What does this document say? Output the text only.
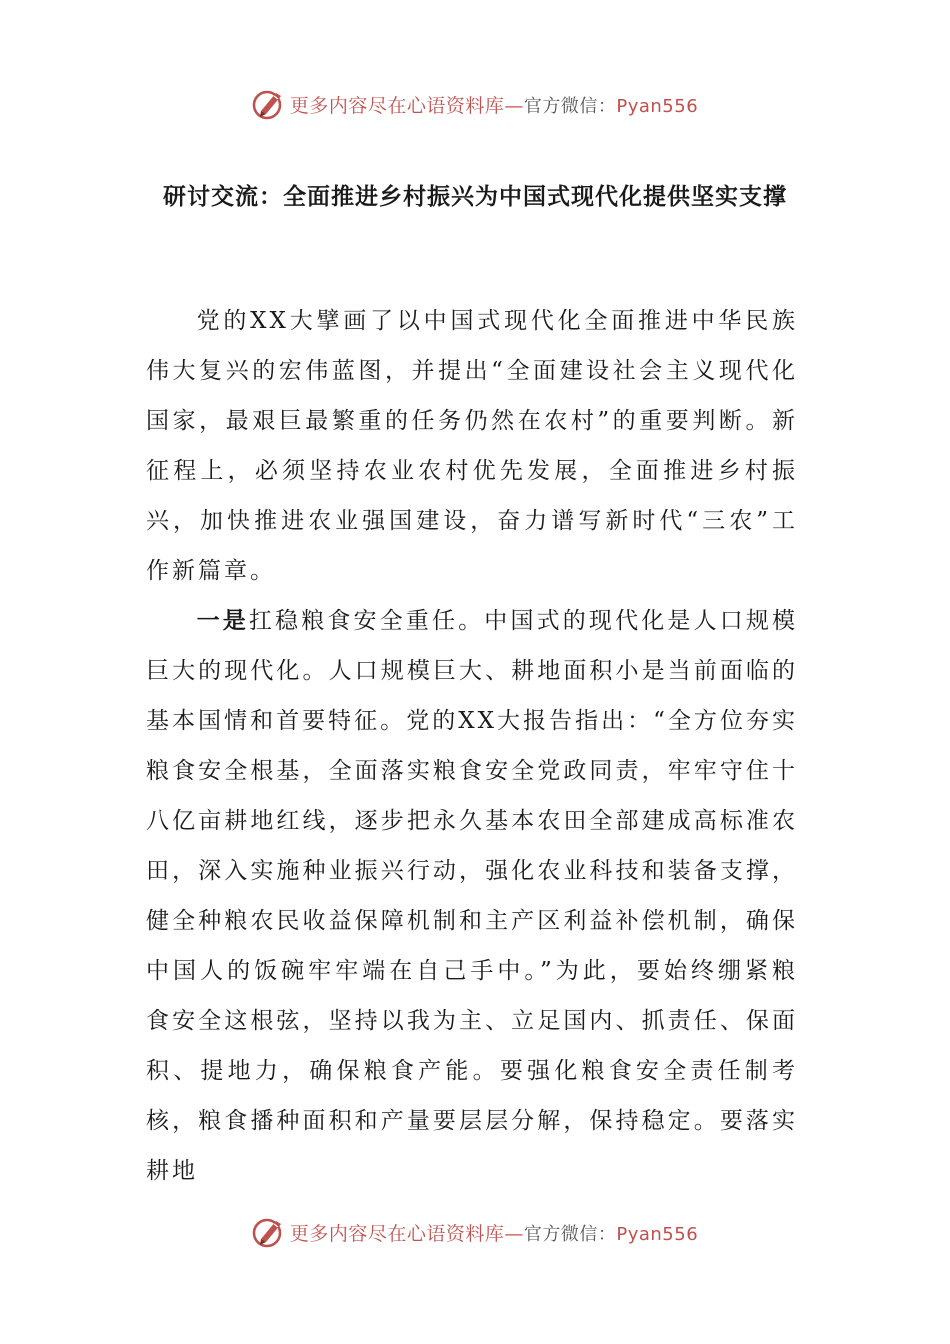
更多内容尽在心语资料库—官方微信：Pyan556
研讨交流：全面推进乡村振兴为中国式现代化提供坚实支撑

党的XX大擘画了以中国式现代化全面推进中华民族伟大复兴的宏伟蓝图，并提出“全面建设社会主义现代化国家，最艰巨最繁重的任务仍然在农村”的重要判断。新征程上，必须坚持农业农村优先发展，全面推进乡村振兴，加快推进农业强国建设，奋力谱写新时代“三农”工作新篇章。

一是扛稳粮食安全重任。中国式的现代化是人口规模巨大的现代化。人口规模巨大、耕地面积小是当前面临的基本国情和首要特征。党的XX大报告指出：“全方位夯实粮食安全根基，全面落实粮食安全党政同责，牢牢守住十八亿亩耕地红线，逐步把永久基本农田全部建成高标准农田，深入实施种业振兴行动，强化农业科技和装备支撑，健全种粮农民收益保障机制和主产区利益补偿机制，确保中国人的饭碗牢牢端在自己手中。”为此，要始终绷紧粮食安全这根弦，坚持以我为主、立足国内、抓责任、保面积、提地力，确保粮食产能。要强化粮食安全责任制考核，粮食播种面积和产量要层层分解，保持稳定。要落实耕地

更多内容尽在心语资料库—官方微信：Pyan556
